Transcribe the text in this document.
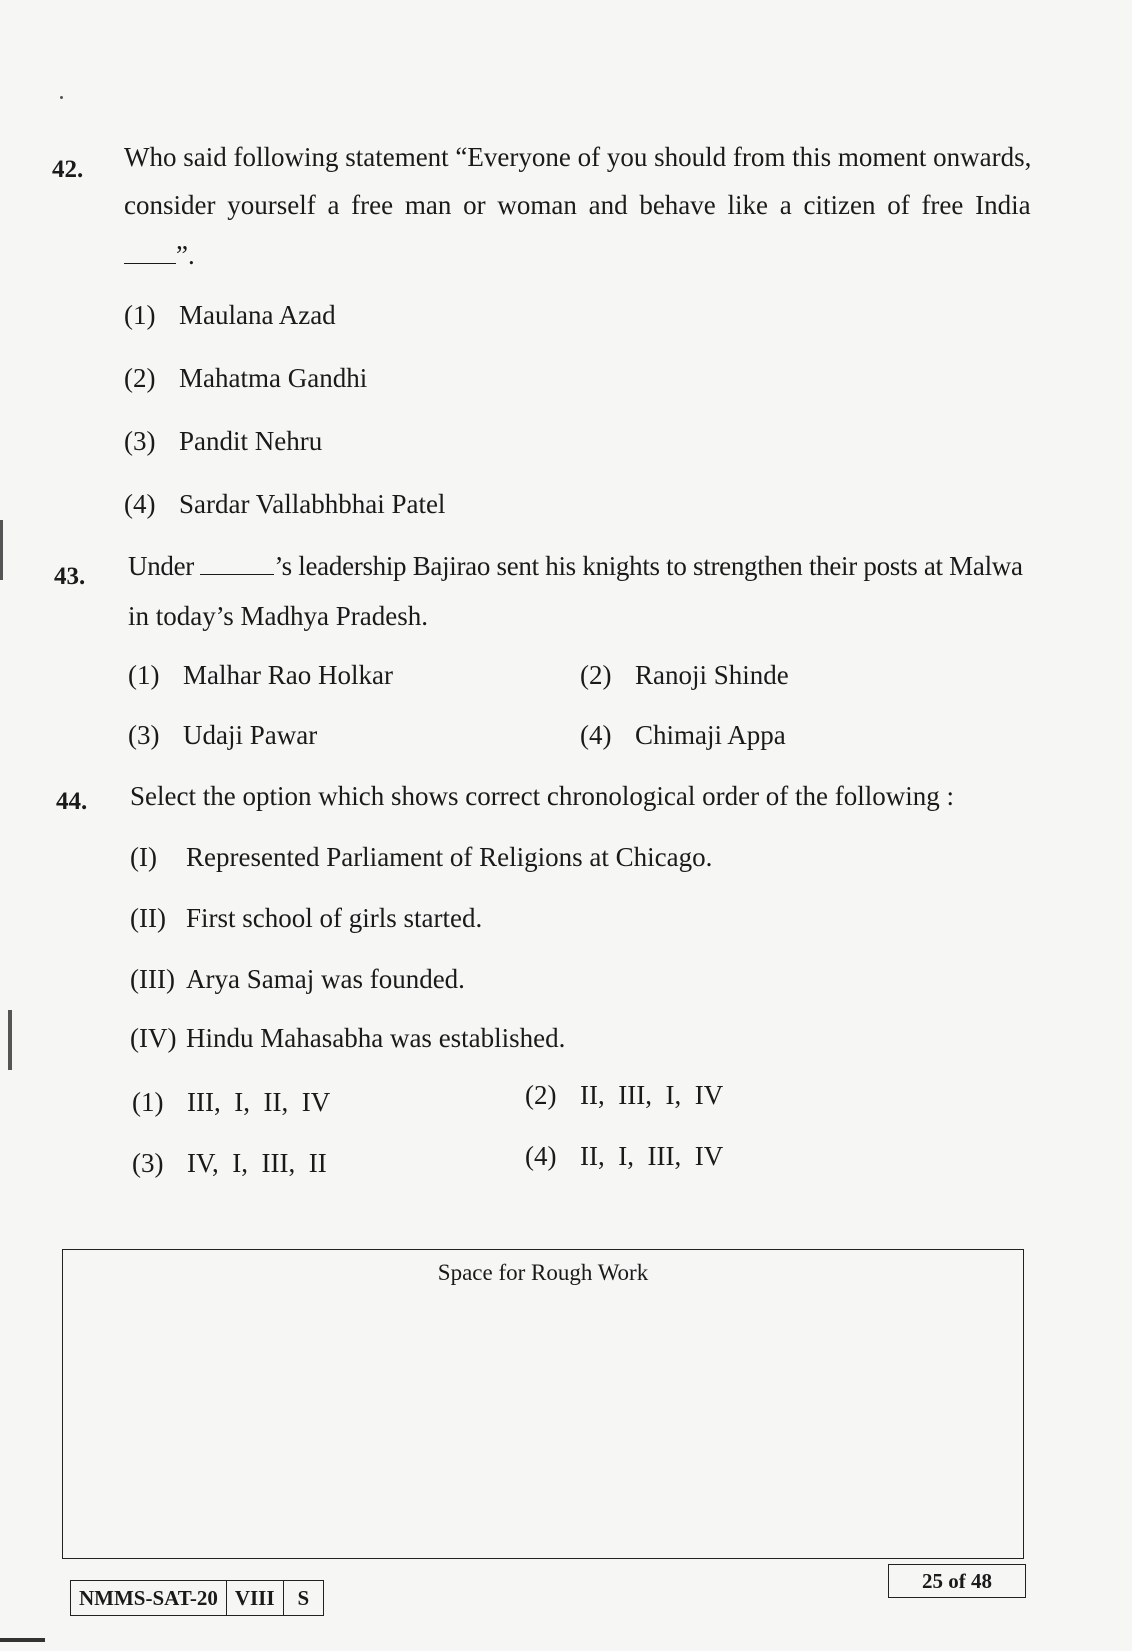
42. Who said following statement “Everyone of you should from this moment onwards,
consider yourself a free man or woman and behave like a citizen of free India
”.
(1) Maulana Azad
(2) Mahatma Gandhi
(3) Pandit Nehru
(4) Sardar Vallabhbhai Patel
43. Under	’s leadership Bajirao sent his knights to strengthen their posts at Malwa
in today’s Madhya Pradesh.
(1) Malhar Rao Holkar	(2) Ranoji Shinde
(3) Udaji Pawar	(4) Chimaji Appa
44. Select the option which shows correct chronological order of the following :
(I) Represented Parliament of Religions at Chicago.
(II) First school of girls started.
(III) Arya Samaj was founded.
(IV) Hindu Mahasabha was established.
(1) III,  I,  II,  IV	(2) II,  III,  I,  IV
(3) IV,  I,  III,  II	(4) II,  I,  III,  IV
Space for Rough Work
25 of 48
NMMS-SAT-20 VIII	S
